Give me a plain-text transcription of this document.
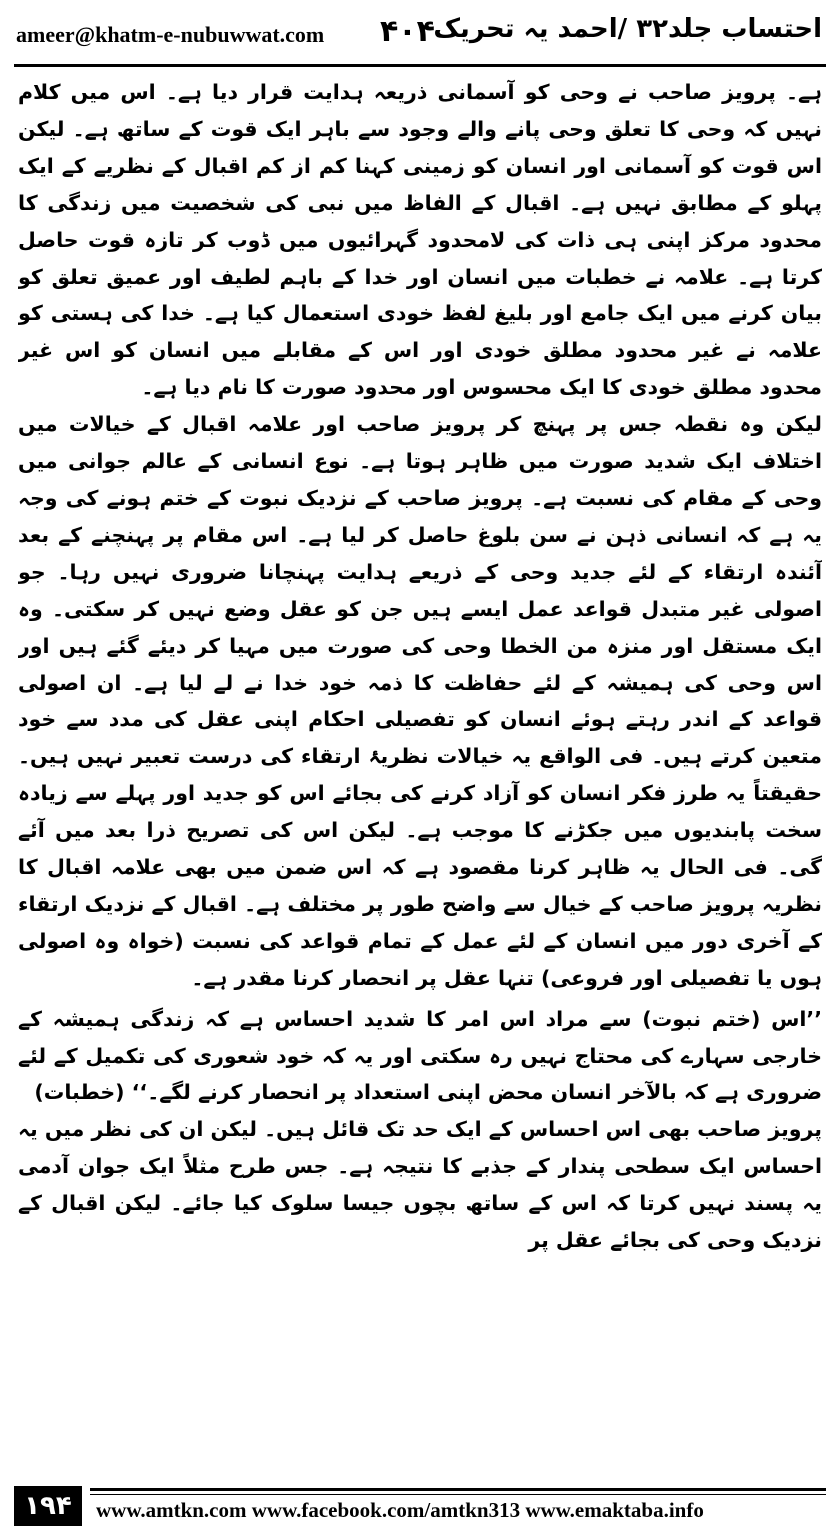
ameer@khatm-e-nubuwwat.com ۴۰۴
احتساب جلد۳۲ /احمد یہ تحریک

ہے۔ پرویز صاحب نے وحی کو آسمانی ذریعہ ہدایت قرار دیا ہے۔ اس میں کلام نہیں کہ وحی کا تعلق وحی پانے والے وجود سے باہر ایک قوت کے ساتھ ہے۔ لیکن اس قوت کو آسمانی اور انسان کو زمینی کہنا کم از کم اقبال کے نظریے کے ایک پہلو کے مطابق نہیں ہے۔ اقبال کے الفاظ میں نبی کی شخصیت میں زندگی کا محدود مرکز اپنی ہی ذات کی لامحدود گہرائیوں میں ڈوب کر تازہ قوت حاصل کرتا ہے۔ علامہ نے خطبات میں انسان اور خدا کے باہم لطیف اور عمیق تعلق کو بیان کرنے میں ایک جامع اور بلیغ لفظ خودی استعمال کیا ہے۔ خدا کی ہستی کو علامہ نے غیر محدود مطلق خودی اور اس کے مقابلے میں انسان کو اس غیر محدود مطلق خودی کا ایک محسوس اور محدود صورت کا نام دیا ہے۔

لیکن وہ نقطہ جس پر پہنچ کر پرویز صاحب اور علامہ اقبال کے خیالات میں اختلاف ایک شدید صورت میں ظاہر ہوتا ہے۔ نوع انسانی کے عالم جوانی میں وحی کے مقام کی نسبت ہے۔ پرویز صاحب کے نزدیک نبوت کے ختم ہونے کی وجہ یہ ہے کہ انسانی ذہن نے سن بلوغ حاصل کر لیا ہے۔ اس مقام پر پہنچنے کے بعد آئندہ ارتقاء کے لئے جدید وحی کے ذریعے ہدایت پہنچانا ضروری نہیں رہا۔ جو اصولی غیر متبدل قواعد عمل ایسے ہیں جن کو عقل وضع نہیں کر سکتی۔ وہ ایک مستقل اور منزہ من الخطا وحی کی صورت میں مہیا کر دیئے گئے ہیں اور اس وحی کی ہمیشہ کے لئے حفاظت کا ذمہ خود خدا نے لے لیا ہے۔ ان اصولی قواعد کے اندر رہتے ہوئے انسان کو تفصیلی احکام اپنی عقل کی مدد سے خود متعین کرتے ہیں۔ فی الواقع یہ خیالات نظریۂ ارتقاء کی درست تعبیر نہیں ہیں۔ حقیقتاً یہ طرز فکر انسان کو آزاد کرنے کی بجائے اس کو جدید اور پہلے سے زیادہ سخت پابندیوں میں جکڑنے کا موجب ہے۔ لیکن اس کی تصریح ذرا بعد میں آئے گی۔ فی الحال یہ ظاہر کرنا مقصود ہے کہ اس ضمن میں بھی علامہ اقبال کا نظریہ پرویز صاحب کے خیال سے واضح طور پر مختلف ہے۔ اقبال کے نزدیک ارتقاء کے آخری دور میں انسان کے لئے عمل کے تمام قواعد کی نسبت (خواہ وہ اصولی ہوں یا تفصیلی اور فروعی) تنہا عقل پر انحصار کرنا مقدر ہے۔

’’اس (ختم نبوت) سے مراد اس امر کا شدید احساس ہے کہ زندگی ہمیشہ کے خارجی سہارے کی محتاج نہیں رہ سکتی اور یہ کہ خود شعوری کی تکمیل کے لئے ضروری ہے کہ بالآخر انسان محض اپنی استعداد پر انحصار کرنے لگے۔‘‘ (خطبات)

پرویز صاحب بھی اس احساس کے ایک حد تک قائل ہیں۔ لیکن ان کی نظر میں یہ احساس ایک سطحی پندار کے جذبے کا نتیجہ ہے۔ جس طرح مثلاً ایک جوان آدمی یہ پسند نہیں کرتا کہ اس کے ساتھ بچوں جیسا سلوک کیا جائے۔ لیکن اقبال کے نزدیک وحی کی بجائے عقل پر

۱۹۴	www.amtkn.com www.facebook.com/amtkn313 www.emaktaba.info
